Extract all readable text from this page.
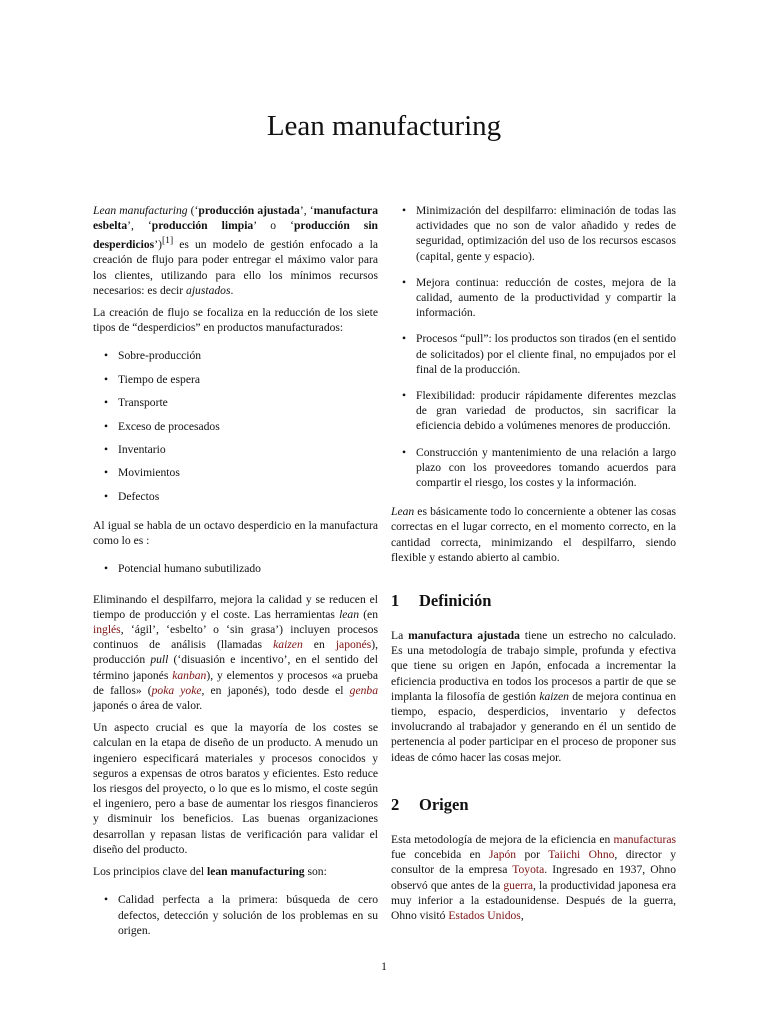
Lean manufacturing

Lean manufacturing (‘producción ajustada’, ‘manufactura esbelta’, ‘producción limpia’ o ‘producción sin desperdicios’)[1] es un modelo de gestión enfocado a la creación de flujo para poder entregar el máximo valor para los clientes, utilizando para ello los mínimos recursos necesarios: es decir ajustados.

La creación de flujo se focaliza en la reducción de los siete tipos de “desperdicios” en productos manufacturados:

• Sobre-producción
• Tiempo de espera
• Transporte
• Exceso de procesados
• Inventario
• Movimientos
• Defectos

Al igual se habla de un octavo desperdicio en la manufactura como lo es :

• Potencial humano subutilizado

Eliminando el despilfarro, mejora la calidad y se reducen el tiempo de producción y el coste. Las herramientas lean (en inglés, ‘ágil’, ‘esbelto’ o ‘sin grasa’) incluyen procesos continuos de análisis (llamadas kaizen en japonés), producción pull (‘disuasión e incentivo’, en el sentido del término japonés kanban), y elementos y procesos «a prueba de fallos» (poka yoke, en japonés), todo desde el genba japonés o área de valor.

Un aspecto crucial es que la mayoría de los costes se calculan en la etapa de diseño de un producto. A menudo un ingeniero especificará materiales y procesos conocidos y seguros a expensas de otros baratos y eficientes. Esto reduce los riesgos del proyecto, o lo que es lo mismo, el coste según el ingeniero, pero a base de aumentar los riesgos financieros y disminuir los beneficios. Las buenas organizaciones desarrollan y repasan listas de verificación para validar el diseño del producto.

Los principios clave del lean manufacturing son:

• Calidad perfecta a la primera: búsqueda de cero defectos, detección y solución de los problemas en su origen.
• Minimización del despilfarro: eliminación de todas las actividades que no son de valor añadido y redes de seguridad, optimización del uso de los recursos escasos (capital, gente y espacio).
• Mejora continua: reducción de costes, mejora de la calidad, aumento de la productividad y compartir la información.
• Procesos “pull”: los productos son tirados (en el sentido de solicitados) por el cliente final, no empujados por el final de la producción.
• Flexibilidad: producir rápidamente diferentes mezclas de gran variedad de productos, sin sacrificar la eficiencia debido a volúmenes menores de producción.
• Construcción y mantenimiento de una relación a largo plazo con los proveedores tomando acuerdos para compartir el riesgo, los costes y la información.

Lean es básicamente todo lo concerniente a obtener las cosas correctas en el lugar correcto, en el momento correcto, en la cantidad correcta, minimizando el despilfarro, siendo flexible y estando abierto al cambio.

1 Definición

La manufactura ajustada tiene un estrecho no calculado. Es una metodología de trabajo simple, profunda y efectiva que tiene su origen en Japón, enfocada a incrementar la eficiencia productiva en todos los procesos a partir de que se implanta la filosofía de gestión kaizen de mejora continua en tiempo, espacio, desperdicios, inventario y defectos involucrando al trabajador y generando en él un sentido de pertenencia al poder participar en el proceso de proponer sus ideas de cómo hacer las cosas mejor.

2 Origen

Esta metodología de mejora de la eficiencia en manufacturas fue concebida en Japón por Taiichi Ohno, director y consultor de la empresa Toyota. Ingresado en 1937, Ohno observó que antes de la guerra, la productividad japonesa era muy inferior a la estadounidense. Después de la guerra, Ohno visitó Estados Unidos,

1
